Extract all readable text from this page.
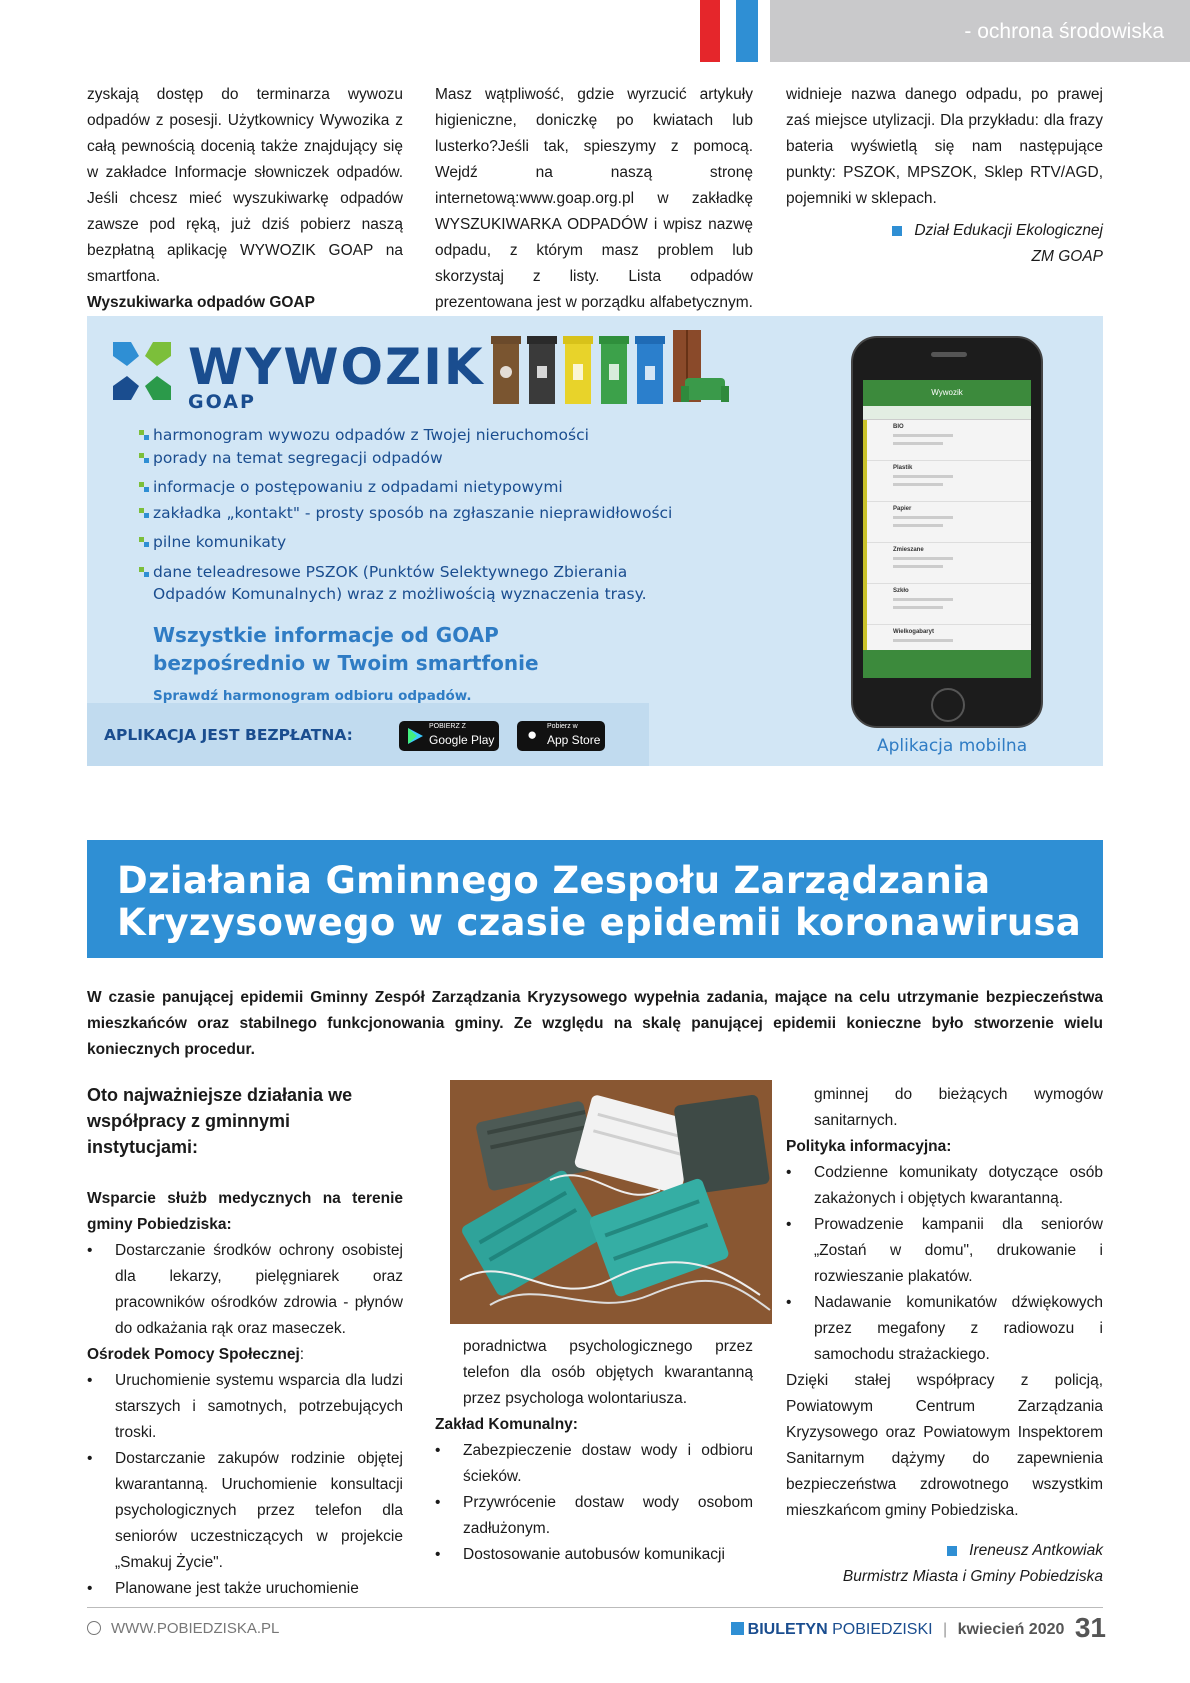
- ochrona środowiska

zyskają dostęp do terminarza wywozu odpadów z posesji. Użytkownicy Wywozika z całą pewnością docenią także znajdujący się w zakładce Informacje słowniczek odpadów. Jeśli chcesz mieć wyszukiwarkę odpadów zawsze pod ręką, już dziś pobierz naszą bezpłatną aplikację WYWOZIK GOAP na smartfona.

Wyszukiwarka odpadów GOAP

Masz wątpliwość, gdzie wyrzucić artykuły higieniczne, doniczkę po kwiatach lub lusterko?Jeśli tak, spieszymy z pomocą. Wejdź na naszą stronę internetową:www.goap.org.pl w zakładkę WYSZUKIWARKA ODPADÓW i wpisz nazwę odpadu, z którym masz problem lub skorzystaj z listy. Lista odpadów prezentowana jest w porządku alfabetycznym.

widnieje nazwa danego odpadu, po prawej zaś miejsce utylizacji. Dla przykładu: dla frazy bateria wyświetlą się nam następujące punkty: PSZOK, MPSZOK, Sklep RTV/AGD, pojemniki w sklepach.

Dział Edukacji Ekologicznej
ZM GOAP
WYWOZIK
GOAP
harmonogram wywozu odpadów z Twojej nieruchomości
porady na temat segregacji odpadów
informacje o postępowaniu z odpadami nietypowymi
zakładka „kontakt" - prosty sposób na zgłaszanie nieprawidłowości
pilne komunikaty
dane teleadresowe PSZOK (Punktów Selektywnego Zbierania
Odpadów Komunalnych) wraz z możliwością wyznaczenia trasy.
Wszystkie informacje od GOAP
bezpośrednio w Twoim smartfonie
Sprawdź harmonogram odbioru odpadów.
APLIKACJA JEST BEZPŁATNA:	POBIERZ Z
Google Play ● Pobierz w
App Store
Wywozik
BIO
Plastik
Papier
Zmieszane
Szkło
Wielkogabaryt
Aplikacja mobilna
Działania Gminnego Zespołu Zarządzania
Kryzysowego w czasie epidemii koronawirusa
W czasie panującej epidemii Gminny Zespół Zarządzania Kryzysowego wypełnia zadania, mające na celu utrzymanie bezpieczeństwa mieszkańców oraz stabilnego funkcjonowania gminy. Ze względu na skalę panującej epidemii konieczne było stworzenie wielu koniecznych procedur.

Oto najważniejsze działania we współpracy z gminnymi instytucjami:

Wsparcie służb medycznych na terenie gminy Pobiedziska:

• Dostarczanie środków ochrony osobistej dla lekarzy, pielęgniarek oraz pracowników ośrodków zdrowia - płynów do odkażania rąk oraz maseczek.

Ośrodek Pomocy Społecznej:

• Uruchomienie systemu wsparcia dla ludzi starszych i samotnych, potrzebujących troski.
• Dostarczanie zakupów rodzinie objętej kwarantanną. Uruchomienie konsultacji psychologicznych przez telefon dla seniorów uczestniczących w projekcie „Smakuj Życie".
• Planowane jest także uruchomienie

poradnictwa psychologicznego przez telefon dla osób objętych kwarantanną przez psychologa wolontariusza.

Zakład Komunalny:

• Zabezpieczenie dostaw wody i odbioru ścieków.
• Przywrócenie dostaw wody osobom zadłużonym.
• Dostosowanie autobusów komunikacji

gminnej do bieżących wymogów sanitarnych.

Polityka informacyjna:

• Codzienne komunikaty dotyczące osób zakażonych i objętych kwarantanną.
• Prowadzenie kampanii dla seniorów „Zostań w domu", drukowanie i rozwieszanie plakatów.
• Nadawanie komunikatów dźwiękowych przez megafony z radiowozu i samochodu strażackiego.

Dzięki stałej współpracy z policją, Powiatowym Centrum Zarządzania Kryzysowego oraz Powiatowym Inspektorem Sanitarnym dążymy do zapewnienia bezpieczeństwa zdrowotnego wszystkim mieszkańcom gminy Pobiedziska.

Ireneusz Antkowiak
Burmistrz Miasta i Gminy Pobiedziska
WWW.POBIEDZISKA.PL	BIULETYN POBIEDZISKI | kwiecień 2020 31
